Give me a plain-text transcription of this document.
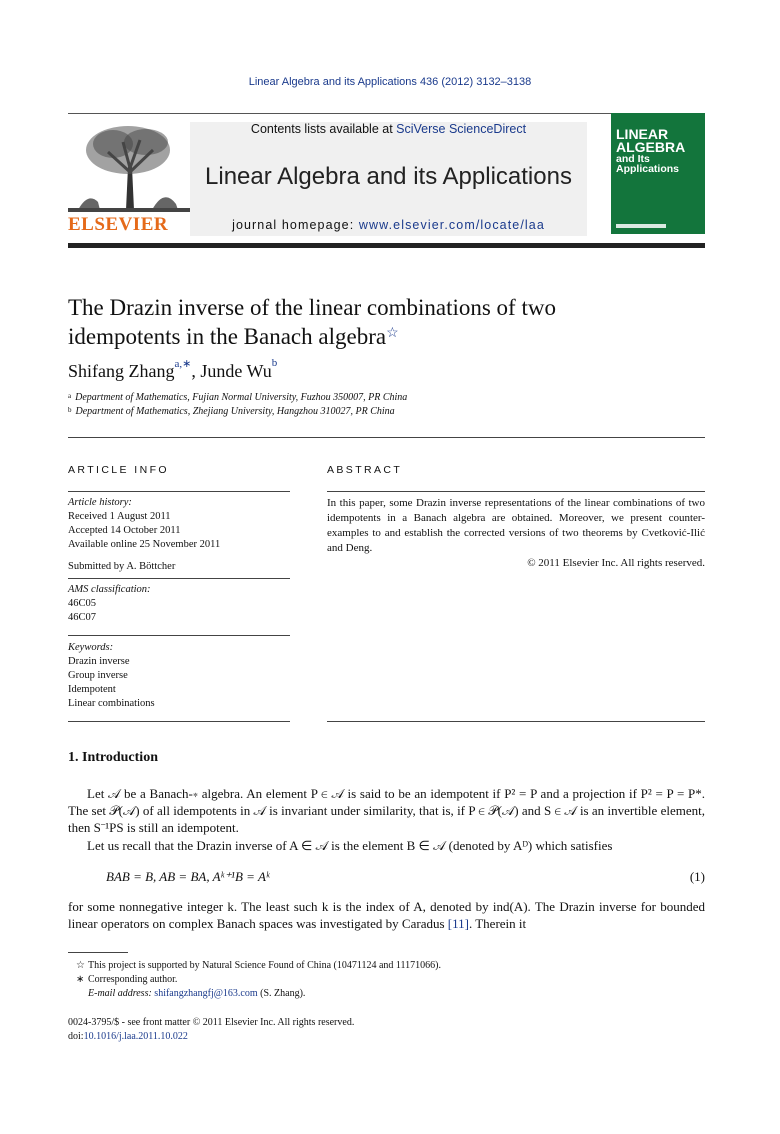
Linear Algebra and its Applications 436 (2012) 3132–3138
ELSEVIER
Contents lists available at SciVerse ScienceDirect
Linear Algebra and its Applications
journal homepage: www.elsevier.com/locate/laa
LINEAR
ALGEBRA

and Its
Applications
The Drazin inverse of the linear combinations of two
idempotents in the Banach algebra☆
Shifang Zhang$^{a,∗}$, Junde Wu$^b$
$^a$ Department of Mathematics, Fujian Normal University, Fuzhou 350007, PR China
$^b$ Department of Mathematics, Zhejiang University, Hangzhou 310027, PR China
ARTICLE INFO
Article history:
Received 1 August 2011
Accepted 14 October 2011
Available online 25 November 2011
Submitted by A. Böttcher
AMS classification:
46C05
46C07
Keywords:
Drazin inverse
Group inverse
Idempotent
Linear combinations
ABSTRACT
In this paper, some Drazin inverse representations of the linear combinations of two idempotents in a Banach algebra are obtained. Moreover, we present counter-examples to and establish the corrected versions of two theorems by Cvetković-Ilić and Deng.
© 2011 Elsevier Inc. All rights reserved.
1. Introduction
Let 𝒜 be a Banach-∗ algebra. An element P ∈ 𝒜 is said to be an idempotent if P² = P and a projection if P² = P = P*. The set 𝒫(𝒜) of all idempotents in 𝒜 is invariant under similarity, that is, if P ∈ 𝒫(𝒜) and S ∈ 𝒜 is an invertible element, then S⁻¹PS is still an idempotent.
Let us recall that the Drazin inverse of A ∈ 𝒜 is the element B ∈ 𝒜 (denoted by Aᴰ) which satisfies
BAB = B, AB = BA, Aᵏ⁺¹B = Aᵏ	(1)
for some nonnegative integer k. The least such k is the index of A, denoted by ind(A). The Drazin inverse for bounded linear operators on complex Banach spaces was investigated by Caradus [11]. Therein it
☆ This project is supported by Natural Science Found of China (10471124 and 11171066).
∗ Corresponding author.
E-mail address: shifangzhangfj@163.com (S. Zhang).
0024-3795/$ - see front matter © 2011 Elsevier Inc. All rights reserved.
doi:10.1016/j.laa.2011.10.022
